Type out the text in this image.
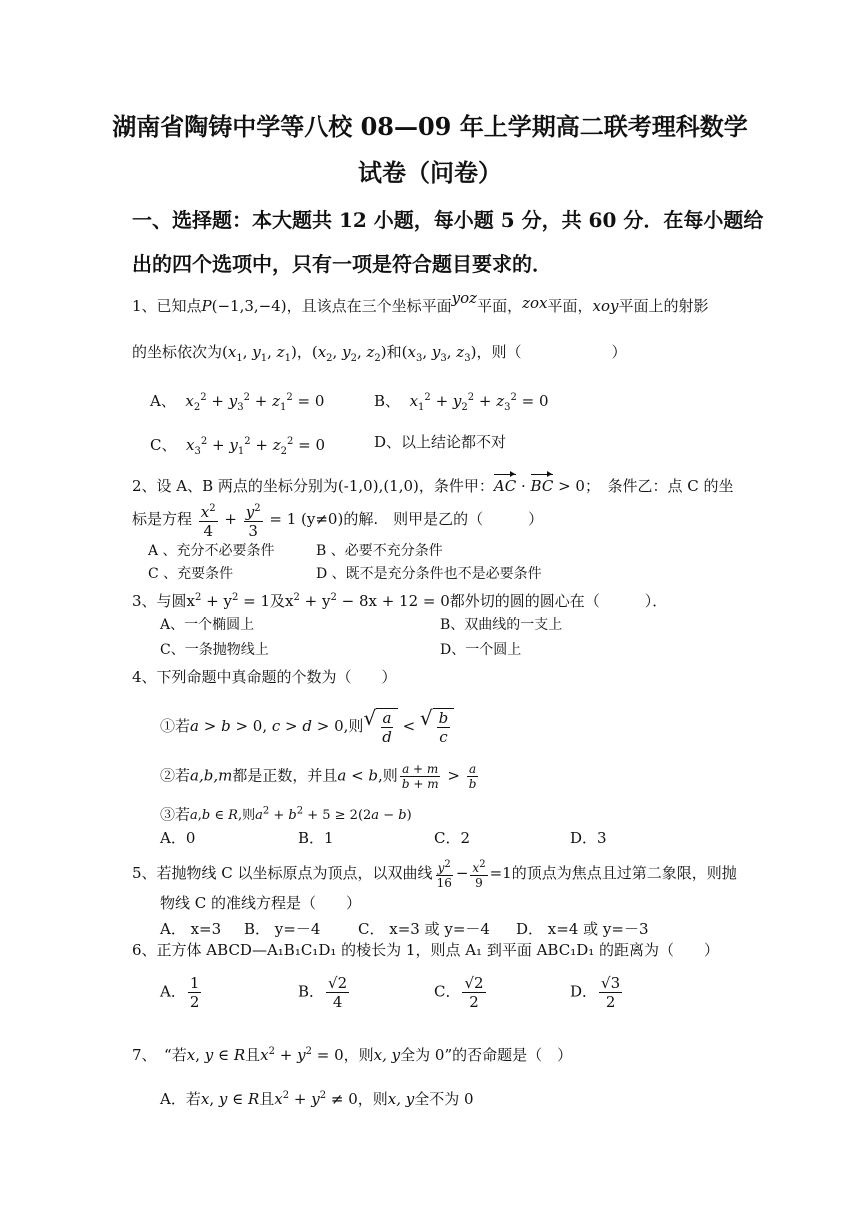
湖南省陶铸中学等八校 08—09 年上学期高二联考理科数学
试卷（问卷）
一、选择题：本大题共 12 小题，每小题 5 分，共 60 分．在每小题给
出的四个选项中，只有一项是符合题目要求的．
1、已知点P(−1,3,−4)，且该点在三个坐标平面yoz平面，zox平面，xoy平面上的射影
的坐标依次为($x_1$, $y_1$, $z_1$)，($x_2$, $y_2$, $z_2$)和($x_3$, $y_3$, $z_3$)，则（　　　　　　）
A、 $x_2^2 + y_3^2 + z_1^2 = 0$	B、 $x_1^2 + y_2^2 + z_3^2 = 0$
C、 $x_3^2 + y_1^2 + z_2^2 = 0$	D、以上结论都不对
2、设 A、B 两点的坐标分别为(-1,0),(1,0)，条件甲：AC · BC > 0；　条件乙：点 C 的坐
标是方程 $\frac{x^2}{4} + \frac{y^2}{3} = 1$ (y≠0)的解.　则甲是乙的（　　　）
A 、充分不必要条件	B 、必要不充分条件
C 、充要条件	D 、既不是充分条件也不是必要条件
3、与圆$x^2 + y^2 = 1$及$x^2 + y^2 - 8x + 12 = 0$都外切的圆的圆心在（　　　）．
A、一个椭圆上	B、双曲线的一支上
C、一条抛物线上	D、一个圆上
4、下列命题中真命题的个数为（　　）
①若a > b > 0, c > d > 0,则 √ $\frac{a}{d}$ < √ $\frac{b}{c}$
②若a,b,m都是正数，并且a < b,则 $\frac{a + m}{b + m} > \frac{a}{b}$
③若a,b ∈ R,则$a^2 + b^2 + 5 \ge 2(2a - b)$
A．0	B．1	C．2	D．3
5、若抛物线 C 以坐标原点为顶点，以双曲线 $\frac{y^2}{16} - \frac{x^2}{9} =1$的顶点为焦点且过第二象限，则抛
物线 C 的准线方程是（　　）
A． x=3 B． y=－4	C． x=3 或 y=－4 D． x=4 或 y=－3
6、正方体 ABCD—A₁B₁C₁D₁ 的棱长为 1，则点 A₁ 到平面 ABC₁D₁ 的距离为（　　）
A． $\frac{1}{2}$	B． $\frac{√2}{4}$	C． $\frac{√2}{2}$	D． $\frac{√3}{2}$
7、　“若x, y ∈ R且$x^2 + y^2 = 0$，则x, y全为 0”的否命题是（　）
A．若x, y ∈ R且$x^2 + y^2 \ne 0$，则x, y全不为 0
